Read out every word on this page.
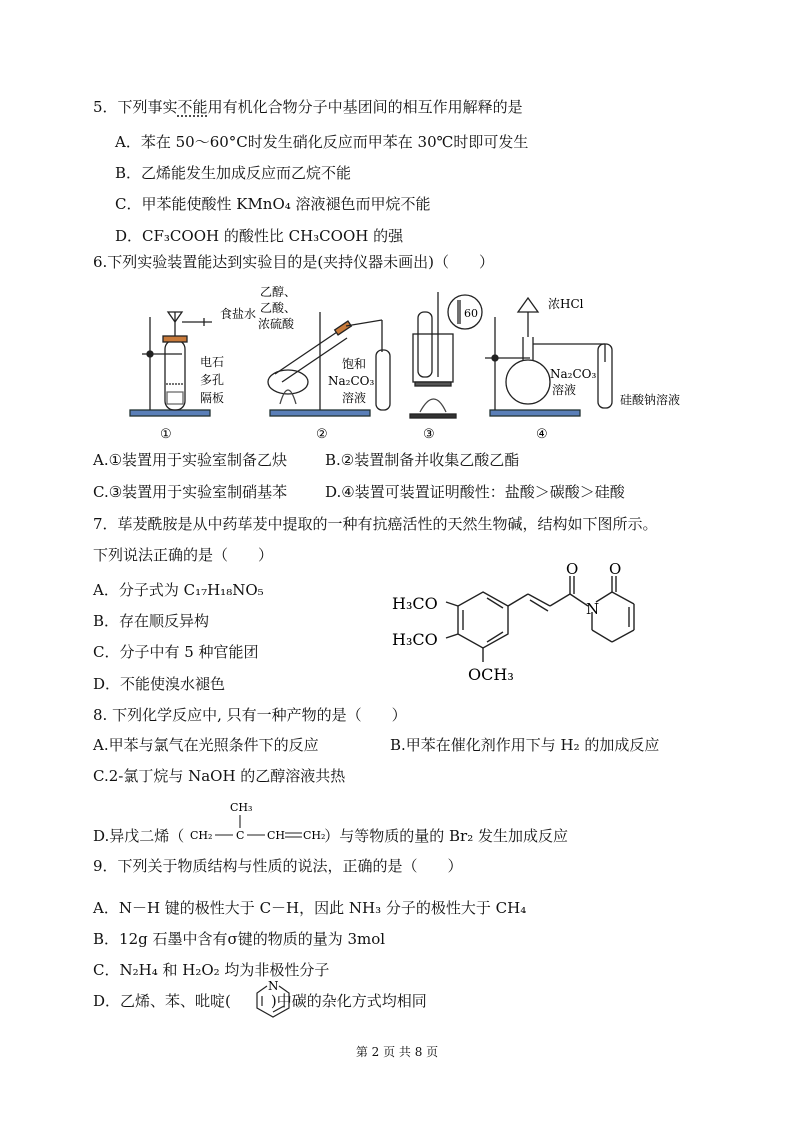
5．下列事实不能用有机化合物分子中基团间的相互作用解释的是
A．苯在 50～60°C时发生硝化反应而甲苯在 30℃时即可发生
B．乙烯能发生加成反应而乙烷不能
C．甲苯能使酸性 KMnO₄ 溶液褪色而甲烷不能
D．CF₃COOH 的酸性比 CH₃COOH 的强
6.下列实验装置能达到实验目的是(夹持仪器未画出)（　　）
食盐水
电石
多孔
隔板
①
乙醇、
乙酸、
浓硫酸
饱和
Na₂CO₃
溶液
②
60
③
浓HCl
Na₂CO₃
溶液
硅酸钠溶液
④
A.①装置用于实验室制备乙炔	B.②装置制备并收集乙酸乙酯
C.③装置用于实验室制硝基苯	D.④装置可装置证明酸性：盐酸＞碳酸＞硅酸
7．荜茇酰胺是从中药荜茇中提取的一种有抗癌活性的天然生物碱，结构如下图所示。
下列说法正确的是（　　）
A．分子式为 C₁₇H₁₈NO₅
B．存在顺反异构
C．分子中有 5 种官能团
D．不能使溴水褪色
H₃CO
H₃CO
OCH₃
O O
N
8. 下列化学反应中, 只有一种产物的是（　　）
A.甲苯与氯气在光照条件下的反应	B.甲苯在催化剂作用下与 H₂ 的加成反应
C.2-氯丁烷与 NaOH 的乙醇溶液共热
D.异戊二烯（	）与等物质的量的 Br₂ 发生加成反应
CH₃
CH₂ C CH CH₂
9．下列关于物质结构与性质的说法，正确的是（　　）
A．N－H 键的极性大于 C－H，因此 NH₃ 分子的极性大于 CH₄
B．12g 石墨中含有σ键的物质的量为 3mol
C．N₂H₄ 和 H₂O₂ 均为非极性分子
D．乙烯、苯、吡啶(	)中碳的杂化方式均相同
N
第 2 页 共 8 页
